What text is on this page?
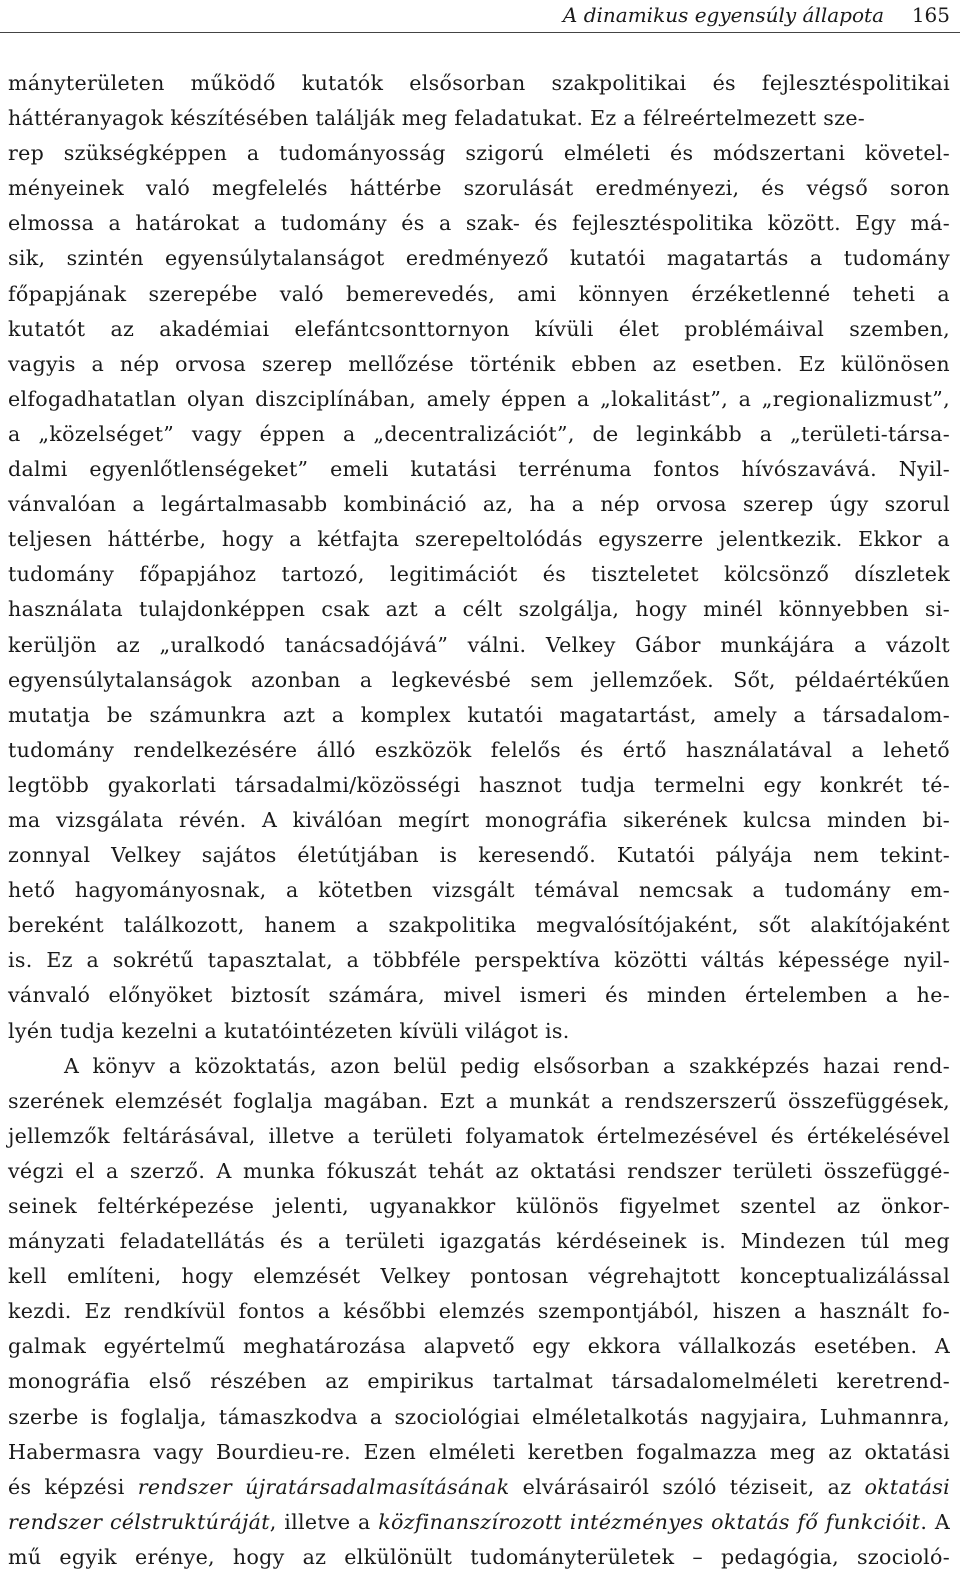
A dinamikus egyensúly állapota 165
mányterületen működő kutatók elsősorban szakpolitikai és fejlesztéspolitikai
háttéranyagok készítésében találják meg feladatukat. Ez a félreértelmezett sze-
rep szükségképpen a tudományosság szigorú elméleti és módszertani követel-
ményeinek való megfelelés háttérbe szorulását eredményezi, és végső soron
elmossa a határokat a tudomány és a szak- és fejlesztéspolitika között. Egy má-
sik, szintén egyensúlytalanságot eredményező kutatói magatartás a tudomány
főpapjának szerepébe való bemerevedés, ami könnyen érzéketlenné teheti a
kutatót az akadémiai elefántcsonttornyon kívüli élet problémáival szemben,
vagyis a nép orvosa szerep mellőzése történik ebben az esetben. Ez különösen
elfogadhatatlan olyan diszciplínában, amely éppen a „lokalitást”, a „regionalizmust”,
a „közelséget” vagy éppen a „decentralizációt”, de leginkább a „területi-társa-
dalmi egyenlőtlenségeket” emeli kutatási terrénuma fontos hívószavává. Nyil-
vánvalóan a legártalmasabb kombináció az, ha a nép orvosa szerep úgy szorul
teljesen háttérbe, hogy a kétfajta szerepeltolódás egyszerre jelentkezik. Ekkor a
tudomány főpapjához tartozó, legitimációt és tiszteletet kölcsönző díszletek
használata tulajdonképpen csak azt a célt szolgálja, hogy minél könnyebben si-
kerüljön az „uralkodó tanácsadójává” válni. Velkey Gábor munkájára a vázolt
egyensúlytalanságok azonban a legkevésbé sem jellemzőek. Sőt, példaértékűen
mutatja be számunkra azt a komplex kutatói magatartást, amely a társadalom-
tudomány rendelkezésére álló eszközök felelős és értő használatával a lehető
legtöbb gyakorlati társadalmi/közösségi hasznot tudja termelni egy konkrét té-
ma vizsgálata révén. A kiválóan megírt monográfia sikerének kulcsa minden bi-
zonnyal Velkey sajátos életútjában is keresendő. Kutatói pályája nem tekint-
hető hagyományosnak, a kötetben vizsgált témával nemcsak a tudomány em-
bereként találkozott, hanem a szakpolitika megvalósítójaként, sőt alakítójaként
is. Ez a sokrétű tapasztalat, a többféle perspektíva közötti váltás képessége nyil-
vánvaló előnyöket biztosít számára, mivel ismeri és minden értelemben a he-
lyén tudja kezelni a kutatóintézeten kívüli világot is.
A könyv a közoktatás, azon belül pedig elsősorban a szakképzés hazai rend-
szerének elemzését foglalja magában. Ezt a munkát a rendszerszerű összefüggések,
jellemzők feltárásával, illetve a területi folyamatok értelmezésével és értékelésével
végzi el a szerző. A munka fókuszát tehát az oktatási rendszer területi összefüggé-
seinek feltérképezése jelenti, ugyanakkor különös figyelmet szentel az önkor-
mányzati feladatellátás és a területi igazgatás kérdéseinek is. Mindezen túl meg
kell említeni, hogy elemzését Velkey pontosan végrehajtott konceptualizálással
kezdi. Ez rendkívül fontos a későbbi elemzés szempontjából, hiszen a használt fo-
galmak egyértelmű meghatározása alapvető egy ekkora vállalkozás esetében. A
monográfia első részében az empirikus tartalmat társadalomelméleti keretrend-
szerbe is foglalja, támaszkodva a szociológiai elméletalkotás nagyjaira, Luhmannra,
Habermasra vagy Bourdieu-re. Ezen elméleti keretben fogalmazza meg az oktatási
és képzési rendszer újratársadalmasításának elvárásairól szóló téziseit, az oktatási
rendszer célstruktúráját, illetve a közfinanszírozott intézményes oktatás fő funkcióit. A
mű egyik erénye, hogy az elkülönült tudományterületek – pedagógia, szocioló-
